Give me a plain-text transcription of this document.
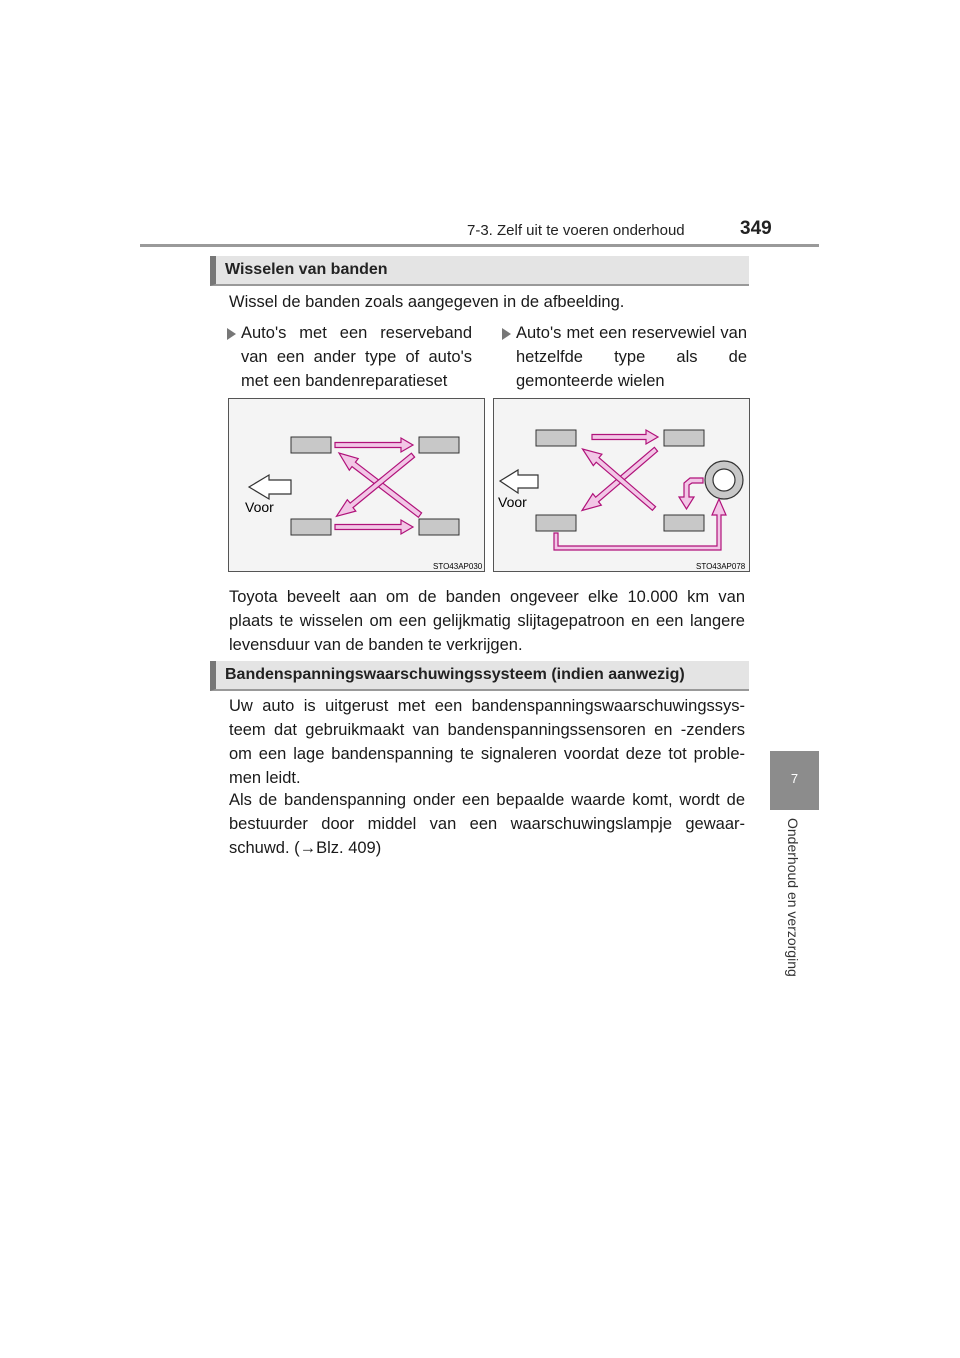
7-3. Zelf uit te voeren onderhoud	349
7
Onderhoud en verzorging
Wisselen van banden

Wissel de banden zoals aangegeven in de afbeelding.

Auto's met een reserveband van een ander type of auto's met een bandenreparatieset
Auto's met een reservewiel van hetzelfde type als de gemonteerde wielen
Voor
STO43AP030
Voor
STO43AP078

Toyota beveelt aan om de banden ongeveer elke 10.000 km van plaats te wisselen om een gelijkmatig slijtagepatroon en een langere levensduur van de banden te verkrijgen.

Bandenspanningswaarschuwingssysteem (indien aanwezig)

Uw auto is uitgerust met een bandenspanningswaarschuwingssys-teem dat gebruikmaakt van bandenspanningssensoren en -zenders om een lage bandenspanning te signaleren voordat deze tot proble-men leidt.

Als de bandenspanning onder een bepaalde waarde komt, wordt de bestuurder door middel van een waarschuwingslampje gewaar-schuwd. (→Blz. 409)
